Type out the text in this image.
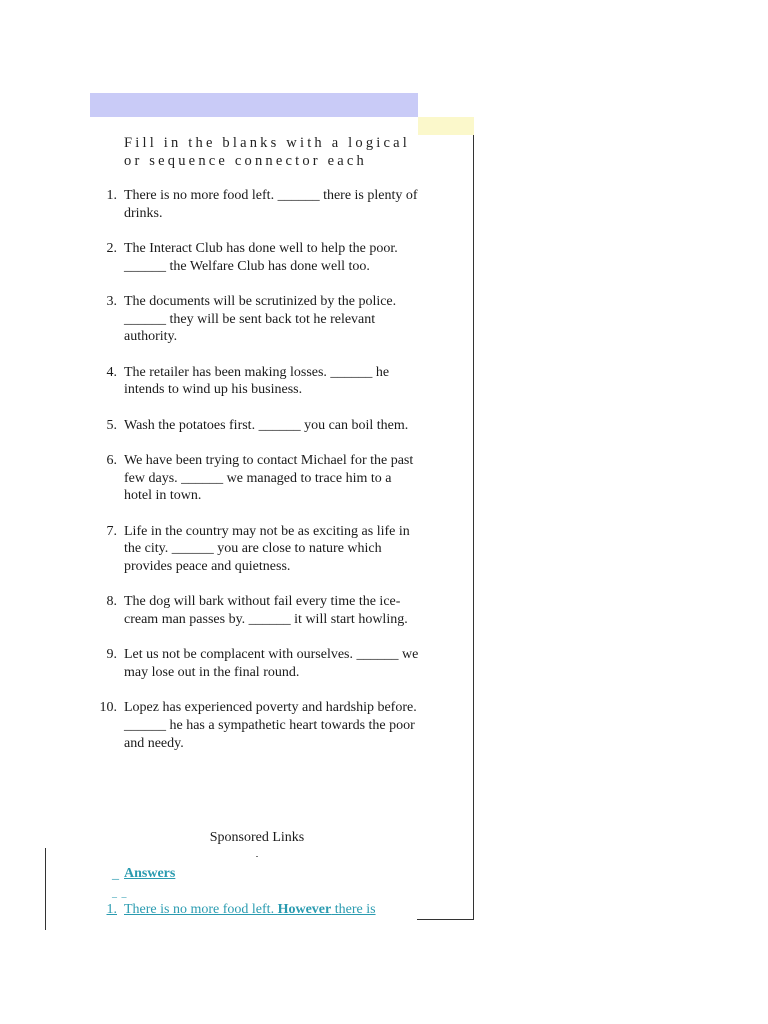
Fill in the blanks with a logical or sequence connector each
1. There is no more food left. ______ there is plenty of drinks.
2. The Interact Club has done well to help the poor. ______ the Welfare Club has done well too.
3. The documents will be scrutinized by the police. ______ they will be sent back tot he relevant authority.
4. The retailer has been making losses. ______ he intends to wind up his business.
5. Wash the potatoes first. ______ you can boil them.
6. We have been trying to contact Michael for the past few days. ______ we managed to trace him to a hotel in town.
7. Life in the country may not be as exciting as life in the city. ______ you are close to nature which provides peace and quietness.
8. The dog will bark without fail every time the ice-cream man passes by. ______ it will start howling.
9. Let us not be complacent with ourselves. ______ we may lose out in the final round.
10. Lopez has experienced poverty and hardship before. ______ he has a sympathetic heart towards the poor and needy.
Sponsored Links
_ Answers
_ _
1. There is no more food left. However there is
